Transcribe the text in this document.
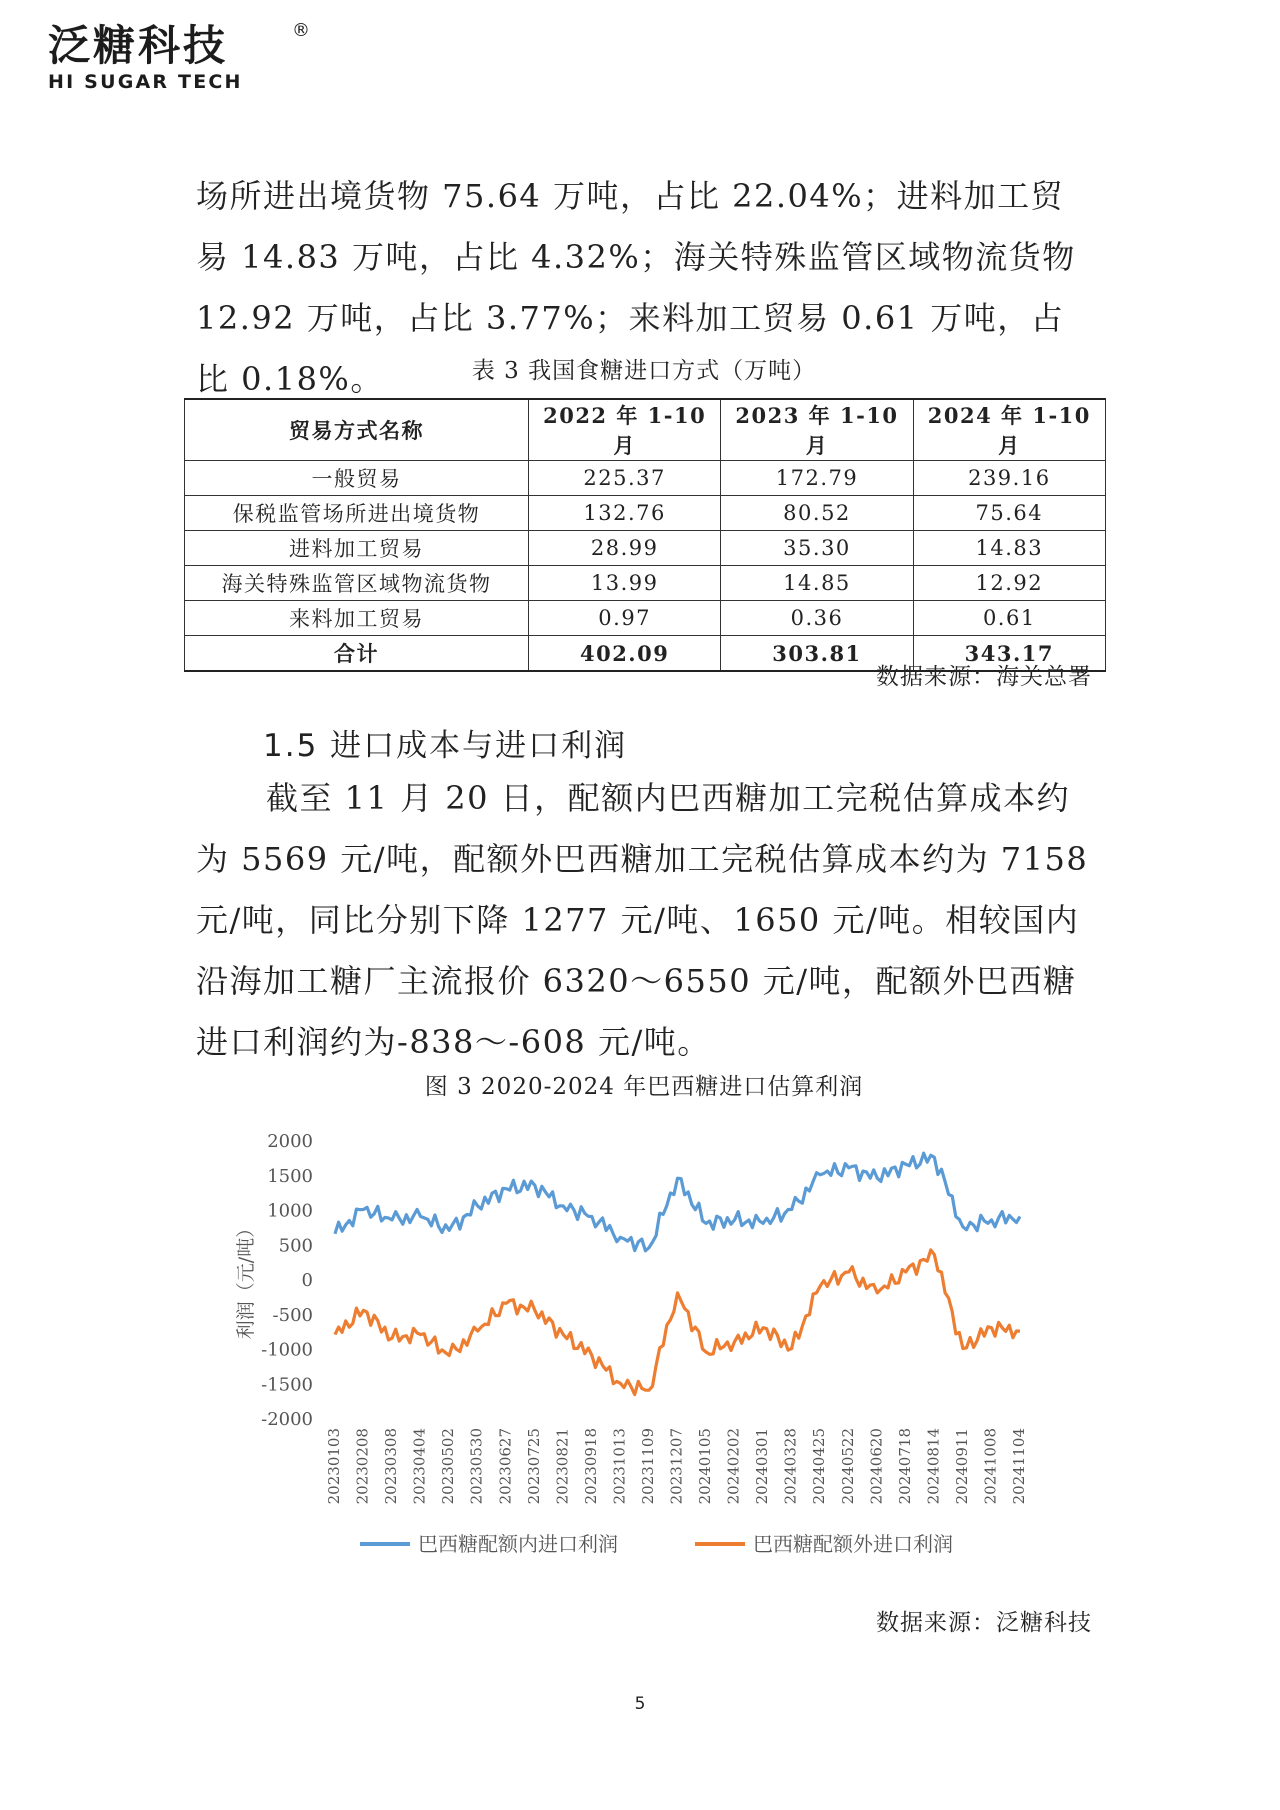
泛糖科技	®
HI SUGAR TECH

场所进出境货物 75.64 万吨，占比 22.04%；进料加工贸易 14.83 万吨，占比 4.32%；海关特殊监管区域物流货物 12.92 万吨，占比 3.77%；来料加工贸易 0.61 万吨，占比 0.18%。	表 3 我国食糖进口方式（万吨）
贸易方式名称	2022 年 1-10 月	2023 年 1-10 月	2024 年 1-10 月
一般贸易	225.37	172.79	239.16
保税监管场所进出境货物	132.76	80.52	75.64
进料加工贸易	28.99	35.30	14.83
海关特殊监管区域物流货物	13.99	14.85	12.92
来料加工贸易	0.97	0.36	0.61
合计	402.09	303.81	343.17
数据来源：海关总署
1.5 进口成本与进口利润

截至 11 月 20 日，配额内巴西糖加工完税估算成本约为 5569 元/吨，配额外巴西糖加工完税估算成本约为 7158 元/吨，同比分别下降 1277 元/吨、1650 元/吨。相较国内沿海加工糖厂主流报价 6320～6550 元/吨，配额外巴西糖进口利润约为-838～-608 元/吨。

图 3 2020-2024 年巴西糖进口估算利润
2000
1500
1000
500
0
-500
-1000
-1500
-2000
利润（元/吨）
20230103 20230208 20230308 20230404 20230502 20230530 20230627 20230725 20230821 20230918 20231013 20231109 20231207 20240105 20240202 20240301 20240328 20240425 20240522 20240620 20240718 20240814 20240911 20241008 20241104
巴西糖配额内进口利润	巴西糖配额外进口利润
数据来源：泛糖科技
5
